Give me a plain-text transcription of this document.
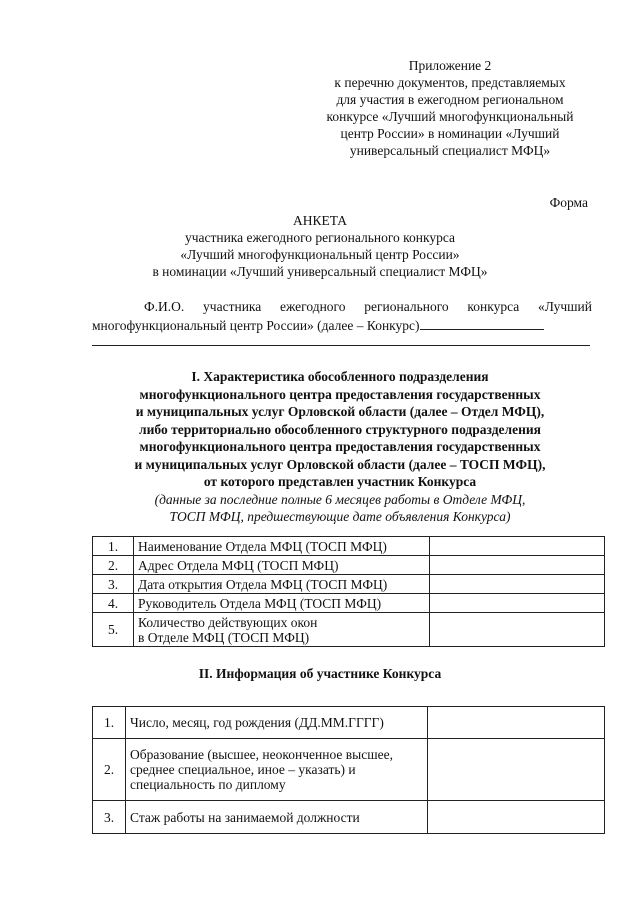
Приложение 2
к перечню документов, представляемых
для участия в ежегодном региональном
конкурсе «Лучший многофункциональный
центр России» в номинации «Лучший
универсальный специалист МФЦ»
Форма
АНКЕТА
участника ежегодного регионального конкурса
«Лучший многофункциональный центр России»
в номинации «Лучший универсальный специалист МФЦ»
Ф.И.О. участника ежегодного регионального конкурса «Лучший
многофункциональный центр России» (далее – Конкурс)
I. Характеристика обособленного подразделения
многофункционального центра предоставления государственных
и муниципальных услуг Орловской области (далее – Отдел МФЦ),
либо территориально обособленного структурного подразделения
многофункционального центра предоставления государственных
и муниципальных услуг Орловской области (далее – ТОСП МФЦ),
от которого представлен участник Конкурса
(данные за последние полные 6 месяцев работы в Отделе МФЦ,
ТОСП МФЦ, предшествующие дате объявления Конкурса)
1.	Наименование Отдела МФЦ (ТОСП МФЦ)	
2.	Адрес Отдела МФЦ (ТОСП МФЦ)	
3.	Дата открытия Отдела МФЦ (ТОСП МФЦ)	
4.	Руководитель Отдела МФЦ (ТОСП МФЦ)	
5.	Количество действующих окон
в Отделе МФЦ (ТОСП МФЦ)	

II. Информация об участнике Конкурса
1.	Число, месяц, год рождения (ДД.ММ.ГГГГ)	

2.	Образование (высшее, неоконченное высшее,
среднее специальное, иное – указать) и
специальность по диплому	

3.	Стаж работы на занимаемой должности	
